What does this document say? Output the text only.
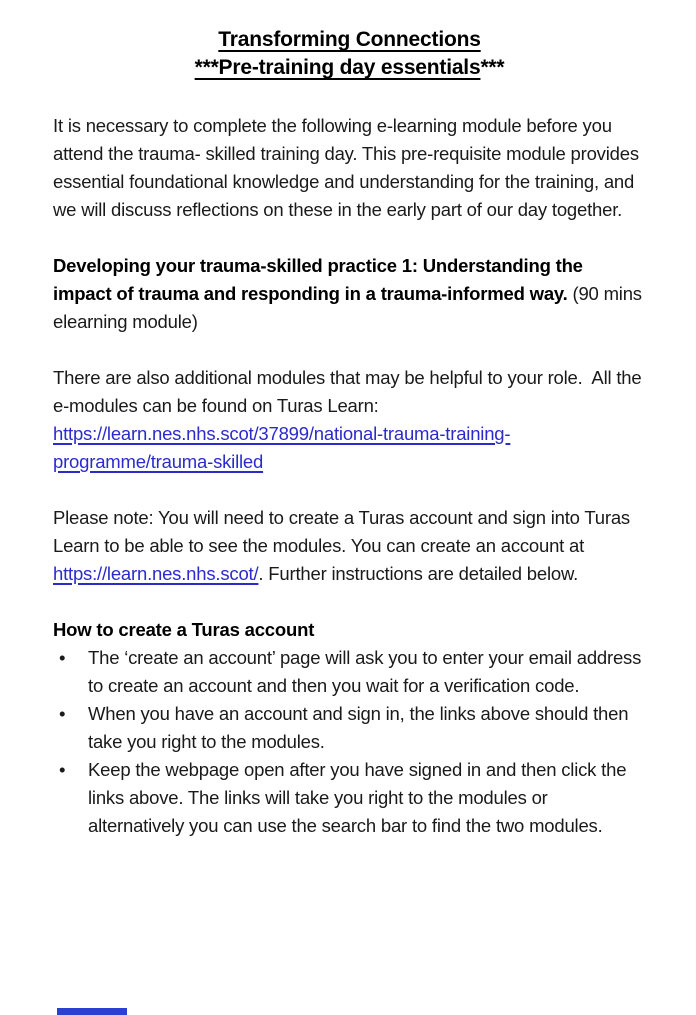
Transforming Connections
***Pre-training day essentials***

It is necessary to complete the following e-learning module before you attend the trauma- skilled training day. This pre-requisite module provides essential foundational knowledge and understanding for the training, and we will discuss reflections on these in the early part of our day together.

Developing your trauma-skilled practice 1: Understanding the impact of trauma and responding in a trauma-informed way. (90 mins elearning module)

There are also additional modules that may be helpful to your role.  All the e-modules can be found on Turas Learn: https://learn.nes.nhs.scot/37899/national-trauma-training-programme/trauma-skilled

Please note: You will need to create a Turas account and sign into Turas Learn to be able to see the modules. You can create an account at https://learn.nes.nhs.scot/. Further instructions are detailed below.

How to create a Turas account
• The ‘create an account’ page will ask you to enter your email address to create an account and then you wait for a verification code.
• When you have an account and sign in, the links above should then take you right to the modules.
• Keep the webpage open after you have signed in and then click the links above. The links will take you right to the modules or alternatively you can use the search bar to find the two modules.
